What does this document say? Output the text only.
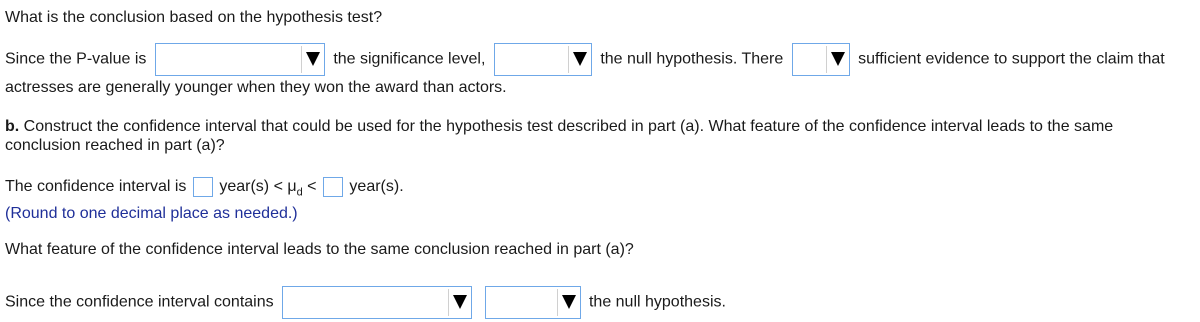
What is the conclusion based on the hypothesis test?
Since the P-value is	the significance level,	the null hypothesis. There	sufficient evidence to support the claim that
actresses are generally younger when they won the award than actors.
b. Construct the confidence interval that could be used for the hypothesis test described in part (a). What feature of the confidence interval leads to the same
conclusion reached in part (a)?
The confidence interval is year(s) < $\mu_d$ < year(s).
(Round to one decimal place as needed.)
What feature of the confidence interval leads to the same conclusion reached in part (a)?
Since the confidence interval contains
	the null hypothesis.
